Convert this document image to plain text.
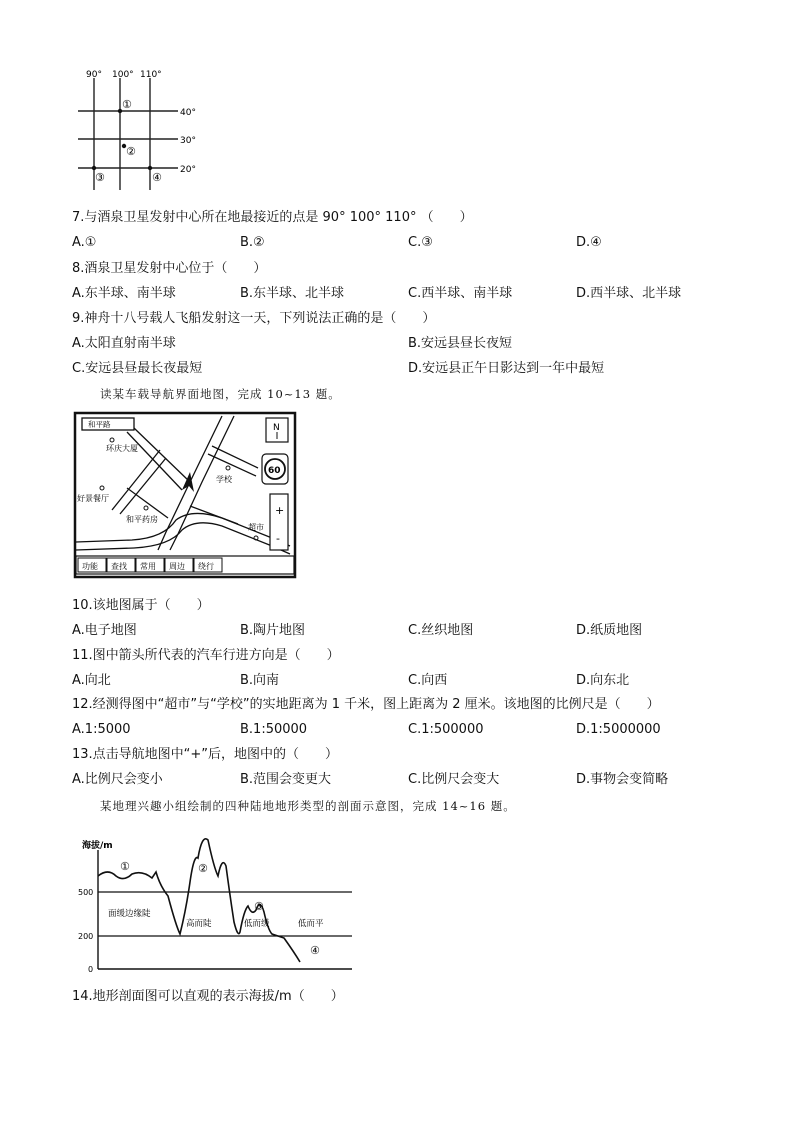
90° 100° 110°
40°
30°
20°
①
②
③	④
7.与酒泉卫星发射中心所在地最接近的点是 90° 100° 110° （　　）
A.①	B.②	C.③	D.④
8.酒泉卫星发射中心位于（　　）
A.东半球、南半球	B.东半球、北半球	C.西半球、南半球	D.西半球、北半球
9.神舟十八号载人飞船发射这一天，下列说法正确的是（　　）
A.太阳直射南半球	B.安远县昼长夜短
C.安远县昼最长夜最短	D.安远县正午日影达到一年中最短
读某车载导航界面地图，完成 10~13 题。
N
60
+
-
和平路
环庆大厦
好景餐厅
和平药房
学校
超市
功能 查找 常用 周边 绕行
10.该地图属于（　　）
A.电子地图	B.陶片地图	C.丝织地图	D.纸质地图
11.图中箭头所代表的汽车行进方向是（　　）
A.向北	B.向南	C.向西	D.向东北
12.经测得图中“超市”与“学校”的实地距离为 1 千米，图上距离为 2 厘米。该地图的比例尺是（　　）
A.1:5000	B.1:50000	C.1:500000	D.1:5000000
13.点击导航地图中“+”后，地图中的（　　）
A.比例尺会变小	B.范围会变更大	C.比例尺会变大	D.事物会变简略
某地理兴趣小组绘制的四种陆地地形类型的剖面示意图，完成 14~16 题。
海拔/m
500
200
0
①	②
③
④
面缓边缘陡
高而陡	低而缓	低而平
14.地形剖面图可以直观的表示海拔/m（　　）
